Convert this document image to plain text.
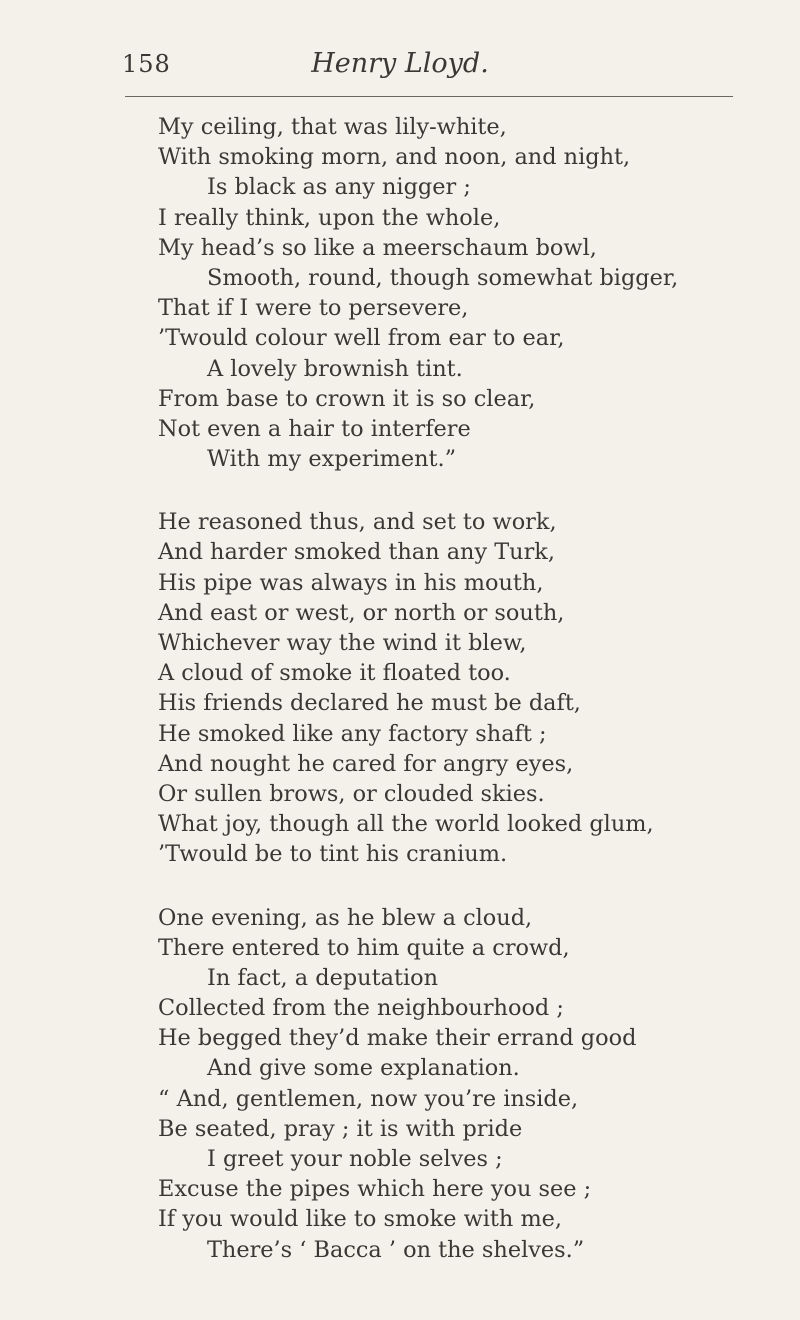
158	Henry Lloyd.
My ceiling, that was lily-white,
With smoking morn, and noon, and night,
Is black as any nigger ;
I really think, upon the whole,
My head’s so like a meerschaum bowl,
Smooth, round, though somewhat bigger,
That if I were to persevere,
’Twould colour well from ear to ear,
A lovely brownish tint.
From base to crown it is so clear,
Not even a hair to interfere
With my experiment.”
He reasoned thus, and set to work,
And harder smoked than any Turk,
His pipe was always in his mouth,
And east or west, or north or south,
Whichever way the wind it blew,
A cloud of smoke it floated too.
His friends declared he must be daft,
He smoked like any factory shaft ;
And nought he cared for angry eyes,
Or sullen brows, or clouded skies.
What joy, though all the world looked glum,
’Twould be to tint his cranium.
One evening, as he blew a cloud,
There entered to him quite a crowd,
In fact, a deputation
Collected from the neighbourhood ;
He begged they’d make their errand good
And give some explanation.
“ And, gentlemen, now you’re inside,
Be seated, pray ; it is with pride
I greet your noble selves ;
Excuse the pipes which here you see ;
If you would like to smoke with me,
There’s ‘ Bacca ’ on the shelves.”
